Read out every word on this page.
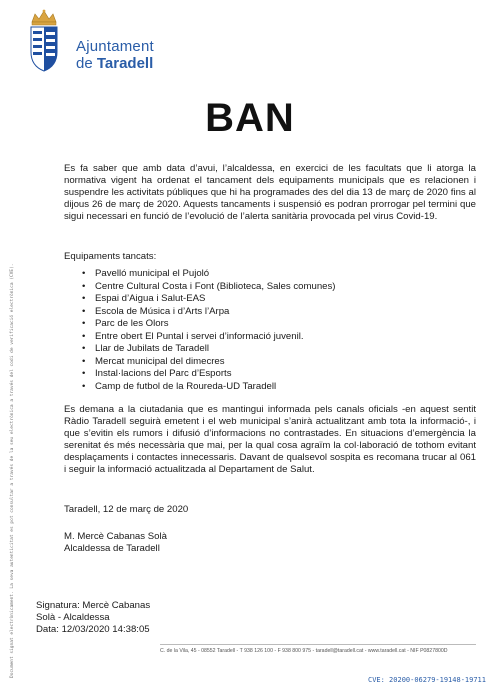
Ajuntament
de Taradell
BAN
Es fa saber que amb data d’avui, l’alcaldessa, en exercici de les facultats que li atorga la normativa vigent ha ordenat el tancament dels equipaments municipals que es relacionen i suspendre les activitats públiques que hi ha programades des del dia 13 de març de 2020 fins al dijous 26 de març de 2020. Aquests tancaments i suspensió es podran prorrogar pel termini que sigui necessari en funció de l’evolució de l’alerta sanitària provocada pel virus Covid-19.
Equipaments tancats:
• Pavelló municipal el Pujoló
• Centre Cultural Costa i Font (Biblioteca, Sales comunes)
• Espai d’Aigua i Salut-EAS
• Escola de Música i d’Arts l’Arpa
• Parc de les Olors
• Entre obert El Puntal i servei d’informació juvenil.
• Llar de Jubilats de Taradell
• Mercat municipal del dimecres
• Instal·lacions del Parc d’Esports
• Camp de futbol de la Roureda-UD Taradell
Es demana a la ciutadania que es mantingui informada pels canals oficials -en aquest sentit Ràdio Taradell seguirà emetent i el web municipal s’anirà actualitzant amb tota la informació-, i que s’evitin els rumors i difusió d’informacions no contrastades. En situacions d’emergència la serenitat és més necessària que mai, per la qual cosa agraïm la col·laboració de tothom evitant desplaçaments i contactes innecessaris. Davant de qualsevol sospita es recomana trucar al 061 i seguir la informació actualitzada al Departament de Salut.
Taradell, 12 de març de 2020
M. Mercè Cabanas Solà
Alcaldessa de Taradell
Signatura: Mercè Cabanas
Solà - Alcaldessa
Data: 12/03/2020 14:38:05
C. de la Vila, 45 - 08552 Taradell - T 938 126 100 - F 938 800 975 - taradell@taradell.cat - www.taradell.cat - NIF P0827800D
CVE: 20200-06279-19148-19711
Document signat electrònicament. La seva autenticitat es pot consultar a través de la seu electrònica a través del codi de verificació electrònica (CVE).
